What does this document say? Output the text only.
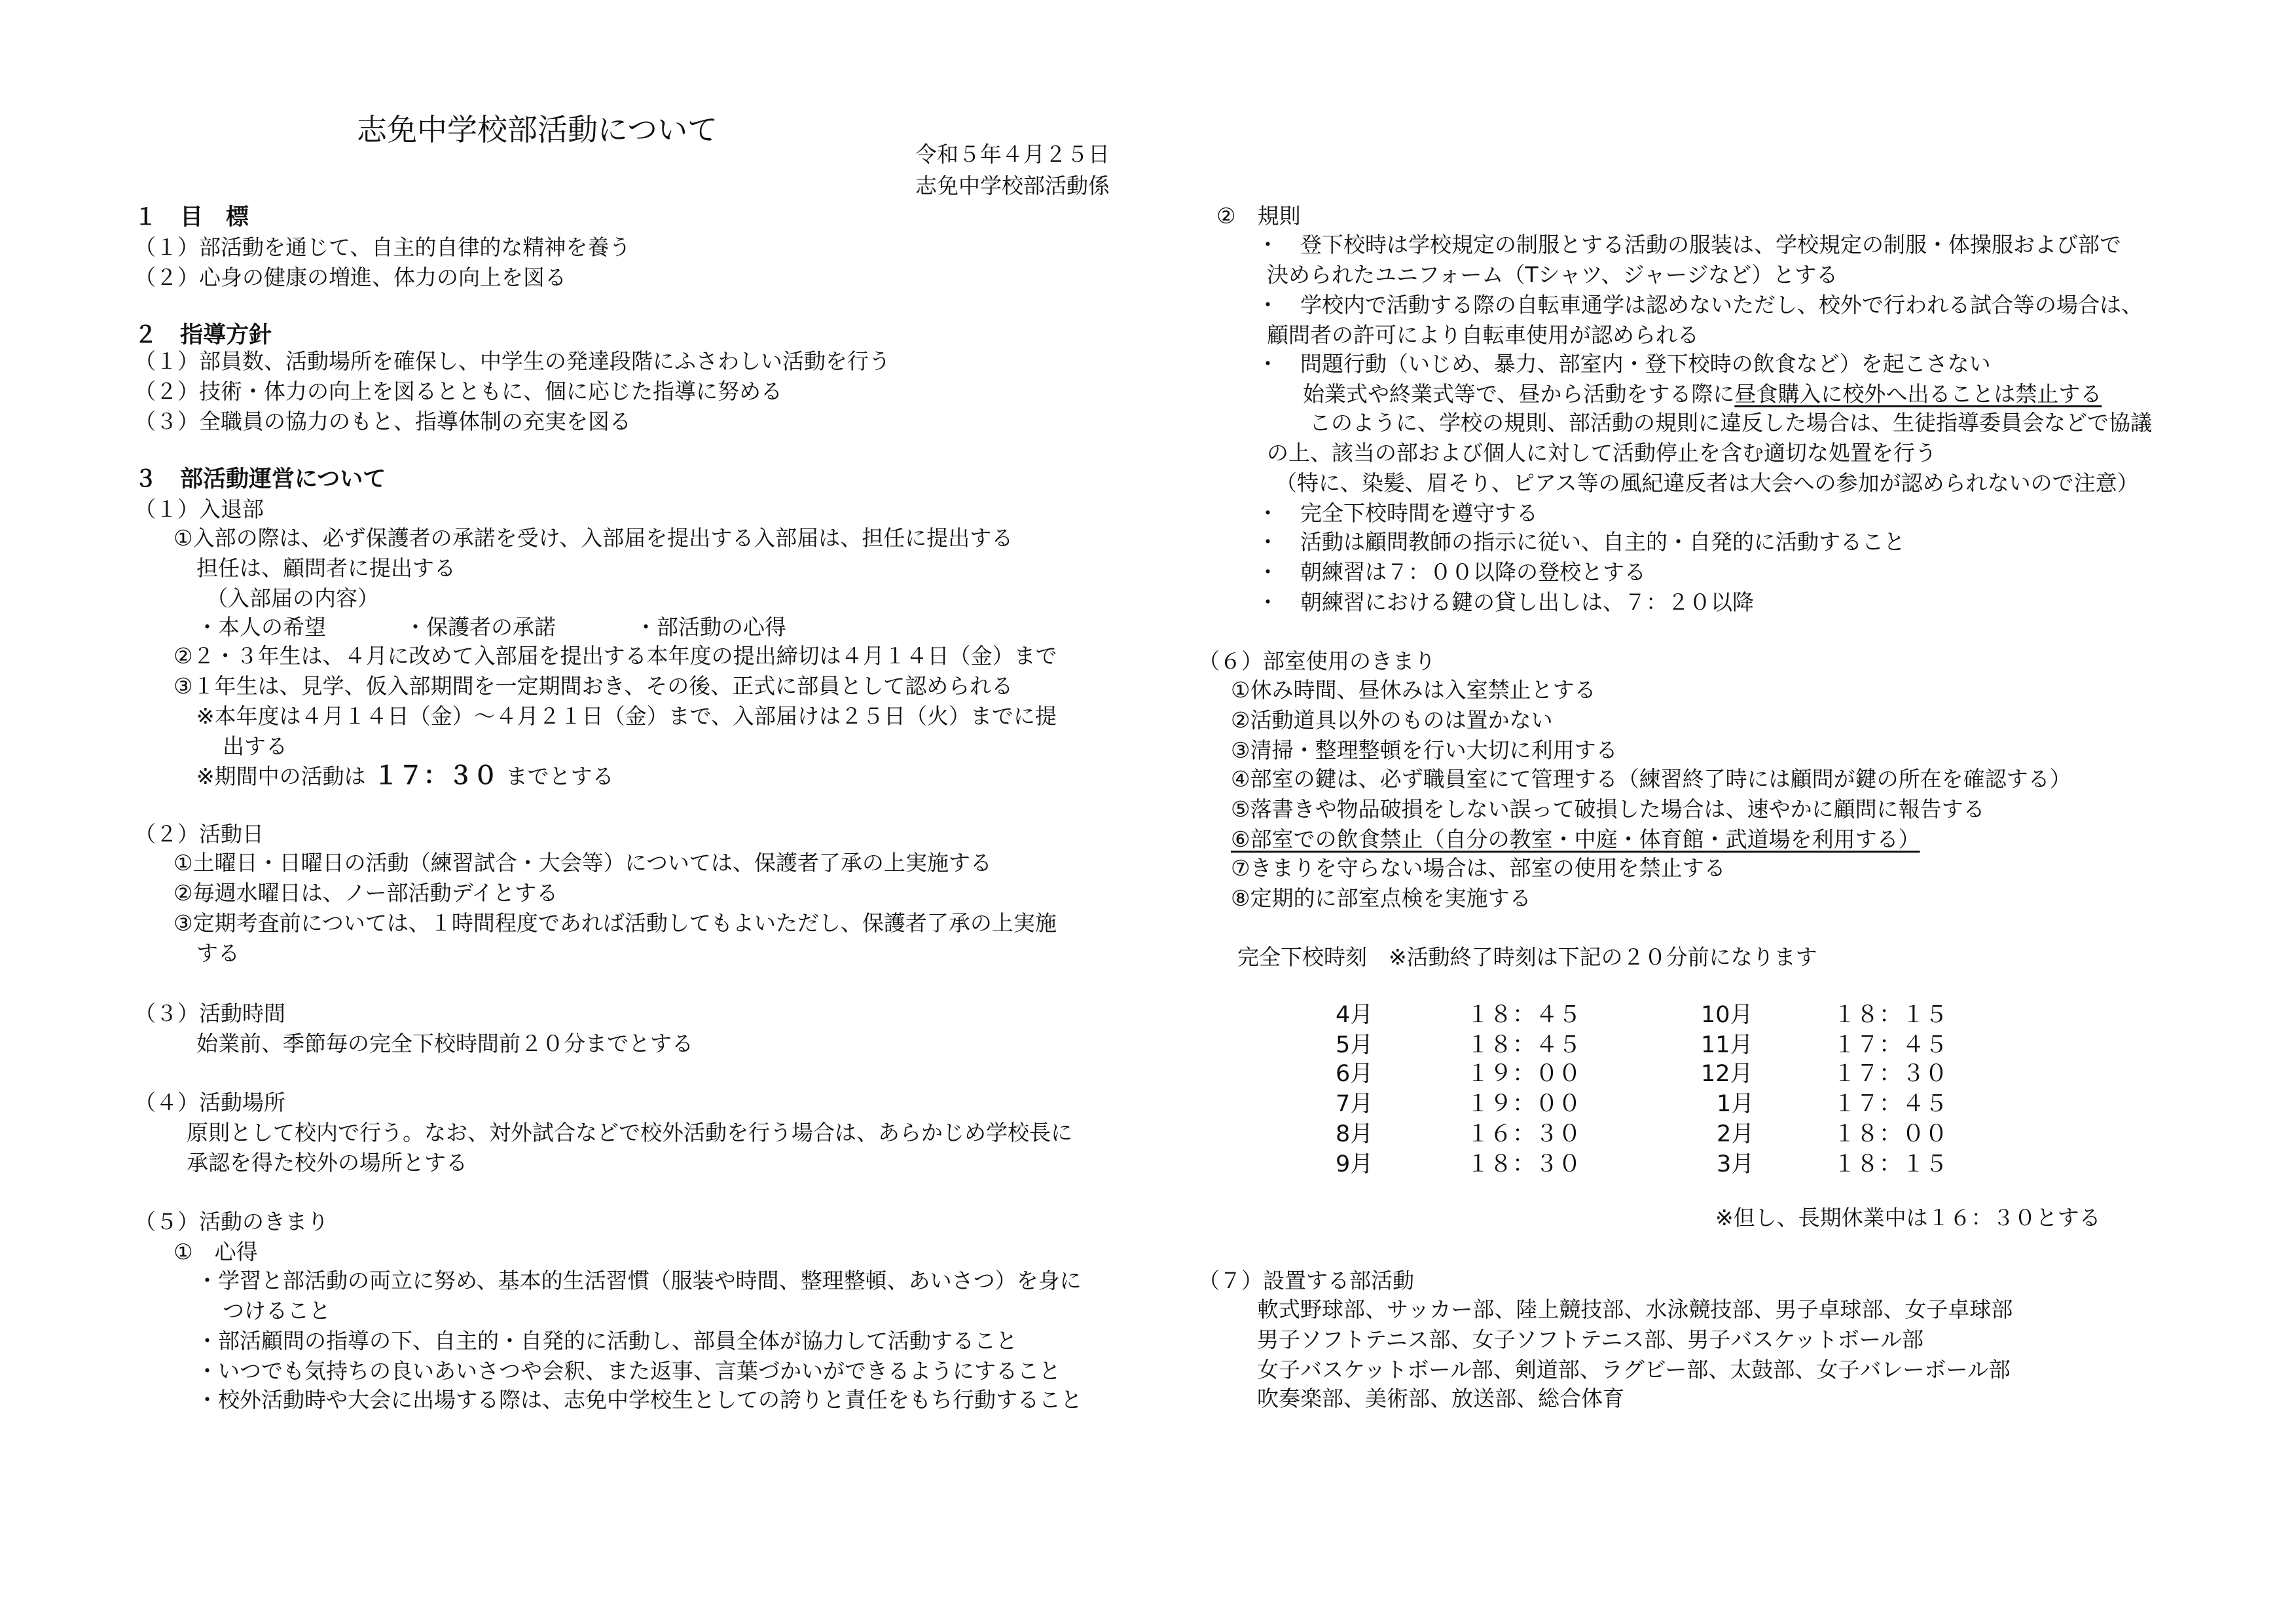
志免中学校部活動について
令和５年４月２５日
志免中学校部活動係
１　目　標
（１）部活動を通じて、自主的自律的な精神を養う
（２）心身の健康の増進、体力の向上を図る
２　指導方針
（１）部員数、活動場所を確保し、中学生の発達段階にふさわしい活動を行う
（２）技術・体力の向上を図るとともに、個に応じた指導に努める
（３）全職員の協力のもと、指導体制の充実を図る
３　部活動運営について
（１）入退部
①入部の際は、必ず保護者の承諾を受け、入部届を提出する入部届は、担任に提出する
担任は、顧問者に提出する
（入部届の内容）
・本人の希望	・保護者の承諾	・部活動の心得
②２・３年生は、４月に改めて入部届を提出する本年度の提出締切は４月１４日（金）まで
③１年生は、見学、仮入部期間を一定期間おき、その後、正式に部員として認められる
※本年度は４月１４日（金）～４月２１日（金）まで、入部届けは２５日（火）までに提
出する
※期間中の活動は １７：３０ までとする
（２）活動日
①土曜日・日曜日の活動（練習試合・大会等）については、保護者了承の上実施する
②毎週水曜日は、ノー部活動デイとする
③定期考査前については、１時間程度であれば活動してもよいただし、保護者了承の上実施
する
（３）活動時間
始業前、季節毎の完全下校時間前２０分までとする
（４）活動場所
原則として校内で行う。なお、対外試合などで校外活動を行う場合は、あらかじめ学校長に
承認を得た校外の場所とする
（５）活動のきまり
①　心得
・学習と部活動の両立に努め、基本的生活習慣（服装や時間、整理整頓、あいさつ）を身に
つけること
・部活顧問の指導の下、自主的・自発的に活動し、部員全体が協力して活動すること
・いつでも気持ちの良いあいさつや会釈、また返事、言葉づかいができるようにすること
・校外活動時や大会に出場する際は、志免中学校生としての誇りと責任をもち行動すること
②　規則
・　登下校時は学校規定の制服とする活動の服装は、学校規定の制服・体操服および部で
決められたユニフォーム（Tシャツ、ジャージなど）とする
・　学校内で活動する際の自転車通学は認めないただし、校外で行われる試合等の場合は、
顧問者の許可により自転車使用が認められる
・　問題行動（いじめ、暴力、部室内・登下校時の飲食など）を起こさない
始業式や終業式等で、昼から活動をする際に昼食購入に校外へ出ることは禁止する
このように、学校の規則、部活動の規則に違反した場合は、生徒指導委員会などで協議
の上、該当の部および個人に対して活動停止を含む適切な処置を行う
（特に、染髪、眉そり、ピアス等の風紀違反者は大会への参加が認められないので注意）
・　完全下校時間を遵守する
・　活動は顧問教師の指示に従い、自主的・自発的に活動すること
・　朝練習は７：００以降の登校とする
・　朝練習における鍵の貸し出しは、７：２０以降
（６）部室使用のきまり
①休み時間、昼休みは入室禁止とする
②活動道具以外のものは置かない
③清掃・整理整頓を行い大切に利用する
④部室の鍵は、必ず職員室にて管理する（練習終了時には顧問が鍵の所在を確認する）
⑤落書きや物品破損をしない誤って破損した場合は、速やかに顧問に報告する
⑥部室での飲食禁止（自分の教室・中庭・体育館・武道場を利用する）
⑦きまりを守らない場合は、部室の使用を禁止する
⑧定期的に部室点検を実施する
完全下校時刻　※活動終了時刻は下記の２０分前になります
4月	１８：４５	10月	１８：１５
5月	１８：４５	11月	１７：４５
6月	１９：００	12月	１７：３０
7月	１９：００	1月	１７：４５
8月	１６：３０	2月	１８：００
9月	１８：３０	3月	１８：１５
※但し、長期休業中は１６：３０とする
（７）設置する部活動
軟式野球部、サッカー部、陸上競技部、水泳競技部、男子卓球部、女子卓球部
男子ソフトテニス部、女子ソフトテニス部、男子バスケットボール部
女子バスケットボール部、剣道部、ラグビー部、太鼓部、女子バレーボール部
吹奏楽部、美術部、放送部、総合体育
